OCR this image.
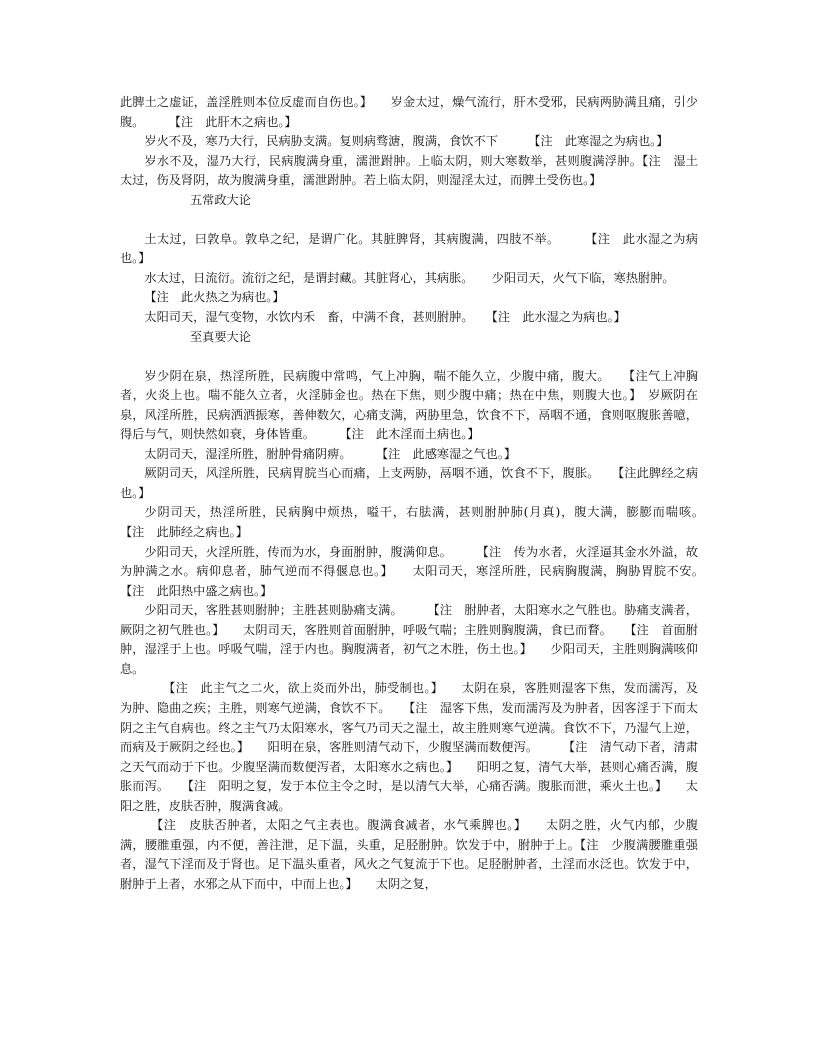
此脾土之虚证，盖淫胜则本位反虚而自伤也。】　　岁金太过，燥气流行，肝木受邪，民病两胁满且痛，引少腹。　　　【注　此肝木之病也。】

岁火不及，寒乃大行，民病胁支满。复则病骛溏，腹满，食饮不下　　　【注　此寒湿之为病也。】

岁水不及，湿乃大行，民病腹满身重，濡泄跗肿。上临太阴，则大寒数举，甚则腹满浮肿。【注　湿土太过，伤及肾阴，故为腹满身重，濡泄跗肿。若上临太阴，则湿淫太过，而脾土受伤也。】

五常政大论

土太过，曰敦阜。敦阜之纪，是谓广化。其脏脾肾，其病腹满，四肢不举。　　　【注　此水湿之为病也。】

水太过，日流衍。流衍之纪，是谓封藏。其脏肾心，其病胀。　　少阳司天，火气下临，寒热胕肿。

【注　此火热之为病也。】

太阳司天，湿气变物，水饮内禾　畜，中满不食，甚则胕肿。　　【注　此水湿之为病也。】

至真要大论

岁少阴在泉，热淫所胜，民病腹中常鸣，气上冲胸，喘不能久立，少腹中痛，腹大。　　【注气上冲胸者，火炎上也。喘不能久立者，火淫肺金也。热在下焦，则少腹中痛；热在中焦，则腹大也。】　岁厥阴在泉，风淫所胜，民病洒洒振寒，善伸数欠，心痛支满，两胁里急，饮食不下，鬲咽不通，食则呕腹胀善噫，得后与气，则快然如衰，身体皆重。　　　【注　此木淫而土病也。】

太阴司天，湿淫所胜，胕肿骨痛阴痹。　　　【注　此感寒湿之气也。】

厥阴司天，风淫所胜，民病胃脘当心而痛，上支两胁，鬲咽不通，饮食不下，腹胀。　　【注此脾经之病也。】

少阴司天，热淫所胜，民病胸中烦热，嗌干，右胠满，甚则胕肿肺(月真)，腹大满，膨膨而喘咳。　　【注　此肺经之病也。】

少阳司天，火淫所胜，传而为水，身面胕肿，腹满仰息。　　　【注　传为水者，火淫逼其金水外溢，故为肿满之水。病仰息者，肺气逆而不得偃息也。】　　太阳司天，寒淫所胜，民病胸腹满，胸胁胃脘不安。　　　【注　此阳热中盛之病也。】

少阳司天，客胜甚则胕肿；主胜甚则胁痛支满。　　　【注　胕肿者，太阳寒水之气胜也。胁痛支满者，厥阴之初气胜也。】　　太阴司天，客胜则首面胕肿，呼吸气喘；主胜则胸腹满，食已而瞀。　　【注　首面胕肿，湿淫于上也。呼吸气喘，淫于内也。胸腹满者，初气之木胜，伤土也。】　　少阳司天，主胜则胸满咳仰息。

　　【注　此主气之二火，欲上炎而外出，肺受制也。】　　太阴在泉，客胜则湿客下焦，发而濡泻，及为肿、隐曲之疾；主胜，则寒气逆满，食饮不下。　　【注　湿客下焦，发而濡泻及为肿者，因客淫于下而太阴之主气自病也。终之主气乃太阳寒水，客气乃司天之湿土，故主胜则寒气逆满。食饮不下，乃湿气上逆，而病及于厥阴之经也。】　　阳明在泉，客胜则清气动下，少腹坚满而数便泻。　　　【注　清气动下者，清肃之天气而动于下也。少腹坚满而数便泻者，太阳寒水之病也。】　　阳明之复，清气大举，甚则心痛否满，腹胀而泻。　　【注　阳明之复，发于本位主令之时，是以清气大举，心痛否满。腹胀而泄，乘火土也。】　　太阳之胜，皮肤否肿，腹满食减。

　【注　皮肤否肿者，太阳之气主表也。腹满食减者，水气乘脾也。】　　太阴之胜，火气内郁，少腹满，腰脽重强，内不便，善注泄，足下温，头重，足胫胕肿。饮发于中，胕肿于上。【注　少腹满腰脽重强者，湿气下淫而及于肾也。足下温头重者，风火之气复流于下也。足胫胕肿者，土淫而水泛也。饮发于中，胕肿于上者，水邪之从下而中，中而上也。】　　太阴之复，
